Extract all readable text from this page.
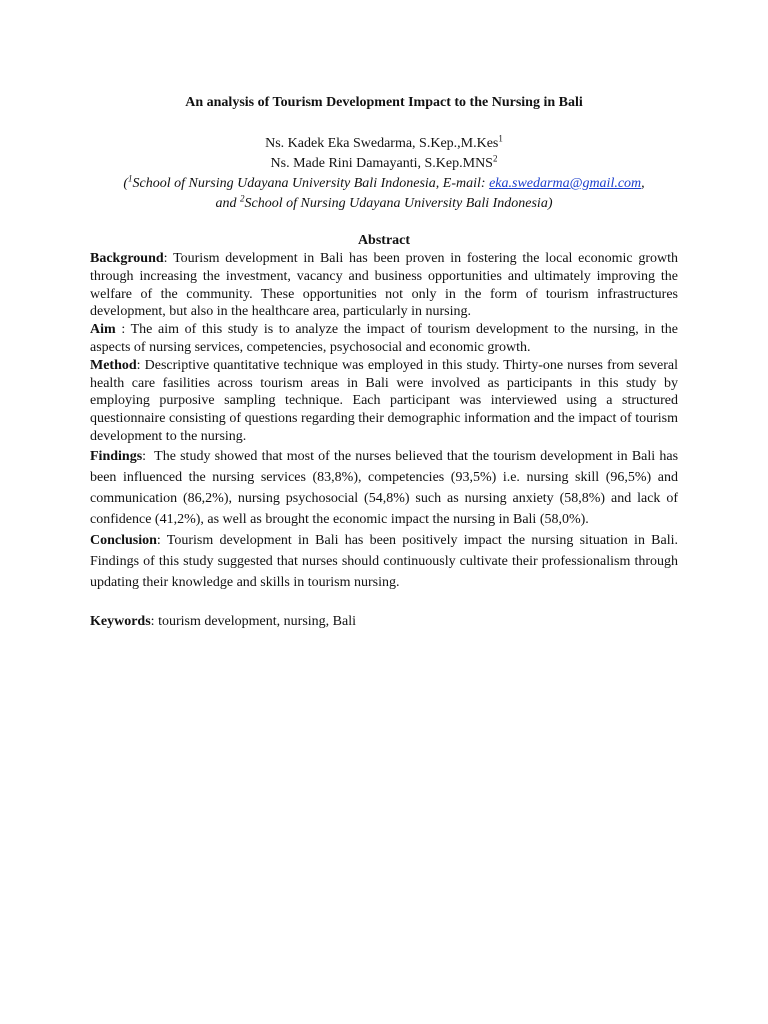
An analysis of Tourism Development Impact to the Nursing in Bali

Ns. Kadek Eka Swedarma, S.Kep.,M.Kes$^1$
Ns. Made Rini Damayanti, S.Kep.MNS$^2$
($^1$School of Nursing Udayana University Bali Indonesia, E-mail: eka.swedarma@gmail.com,
and $^2$School of Nursing Udayana University Bali Indonesia)
Abstract

Background: Tourism development in Bali has been proven in fostering the local economic growth through increasing the investment, vacancy and business opportunities and ultimately improving the welfare of the community. These opportunities not only in the form of tourism infrastructures development, but also in the healthcare area, particularly in nursing.

Aim : The aim of this study is to analyze the impact of tourism development to the nursing, in the aspects of nursing services, competencies, psychosocial and economic growth.

Method: Descriptive quantitative technique was employed in this study. Thirty-one nurses from several health care fasilities across tourism areas in Bali were involved as participants in this study by employing purposive sampling technique. Each participant was interviewed using a structured questionnaire consisting of questions regarding their demographic information and the impact of tourism development to the nursing.

Findings:  The study showed that most of the nurses believed that the tourism development in Bali has been influenced the nursing services (83,8%), competencies (93,5%) i.e. nursing skill (96,5%) and communication (86,2%), nursing psychosocial (54,8%) such as nursing anxiety (58,8%) and lack of confidence (41,2%), as well as brought the economic impact the nursing in Bali (58,0%).

Conclusion: Tourism development in Bali has been positively impact the nursing situation in Bali. Findings of this study suggested that nurses should continuously cultivate their professionalism through updating their knowledge and skills in tourism nursing.

Keywords: tourism development, nursing, Bali
